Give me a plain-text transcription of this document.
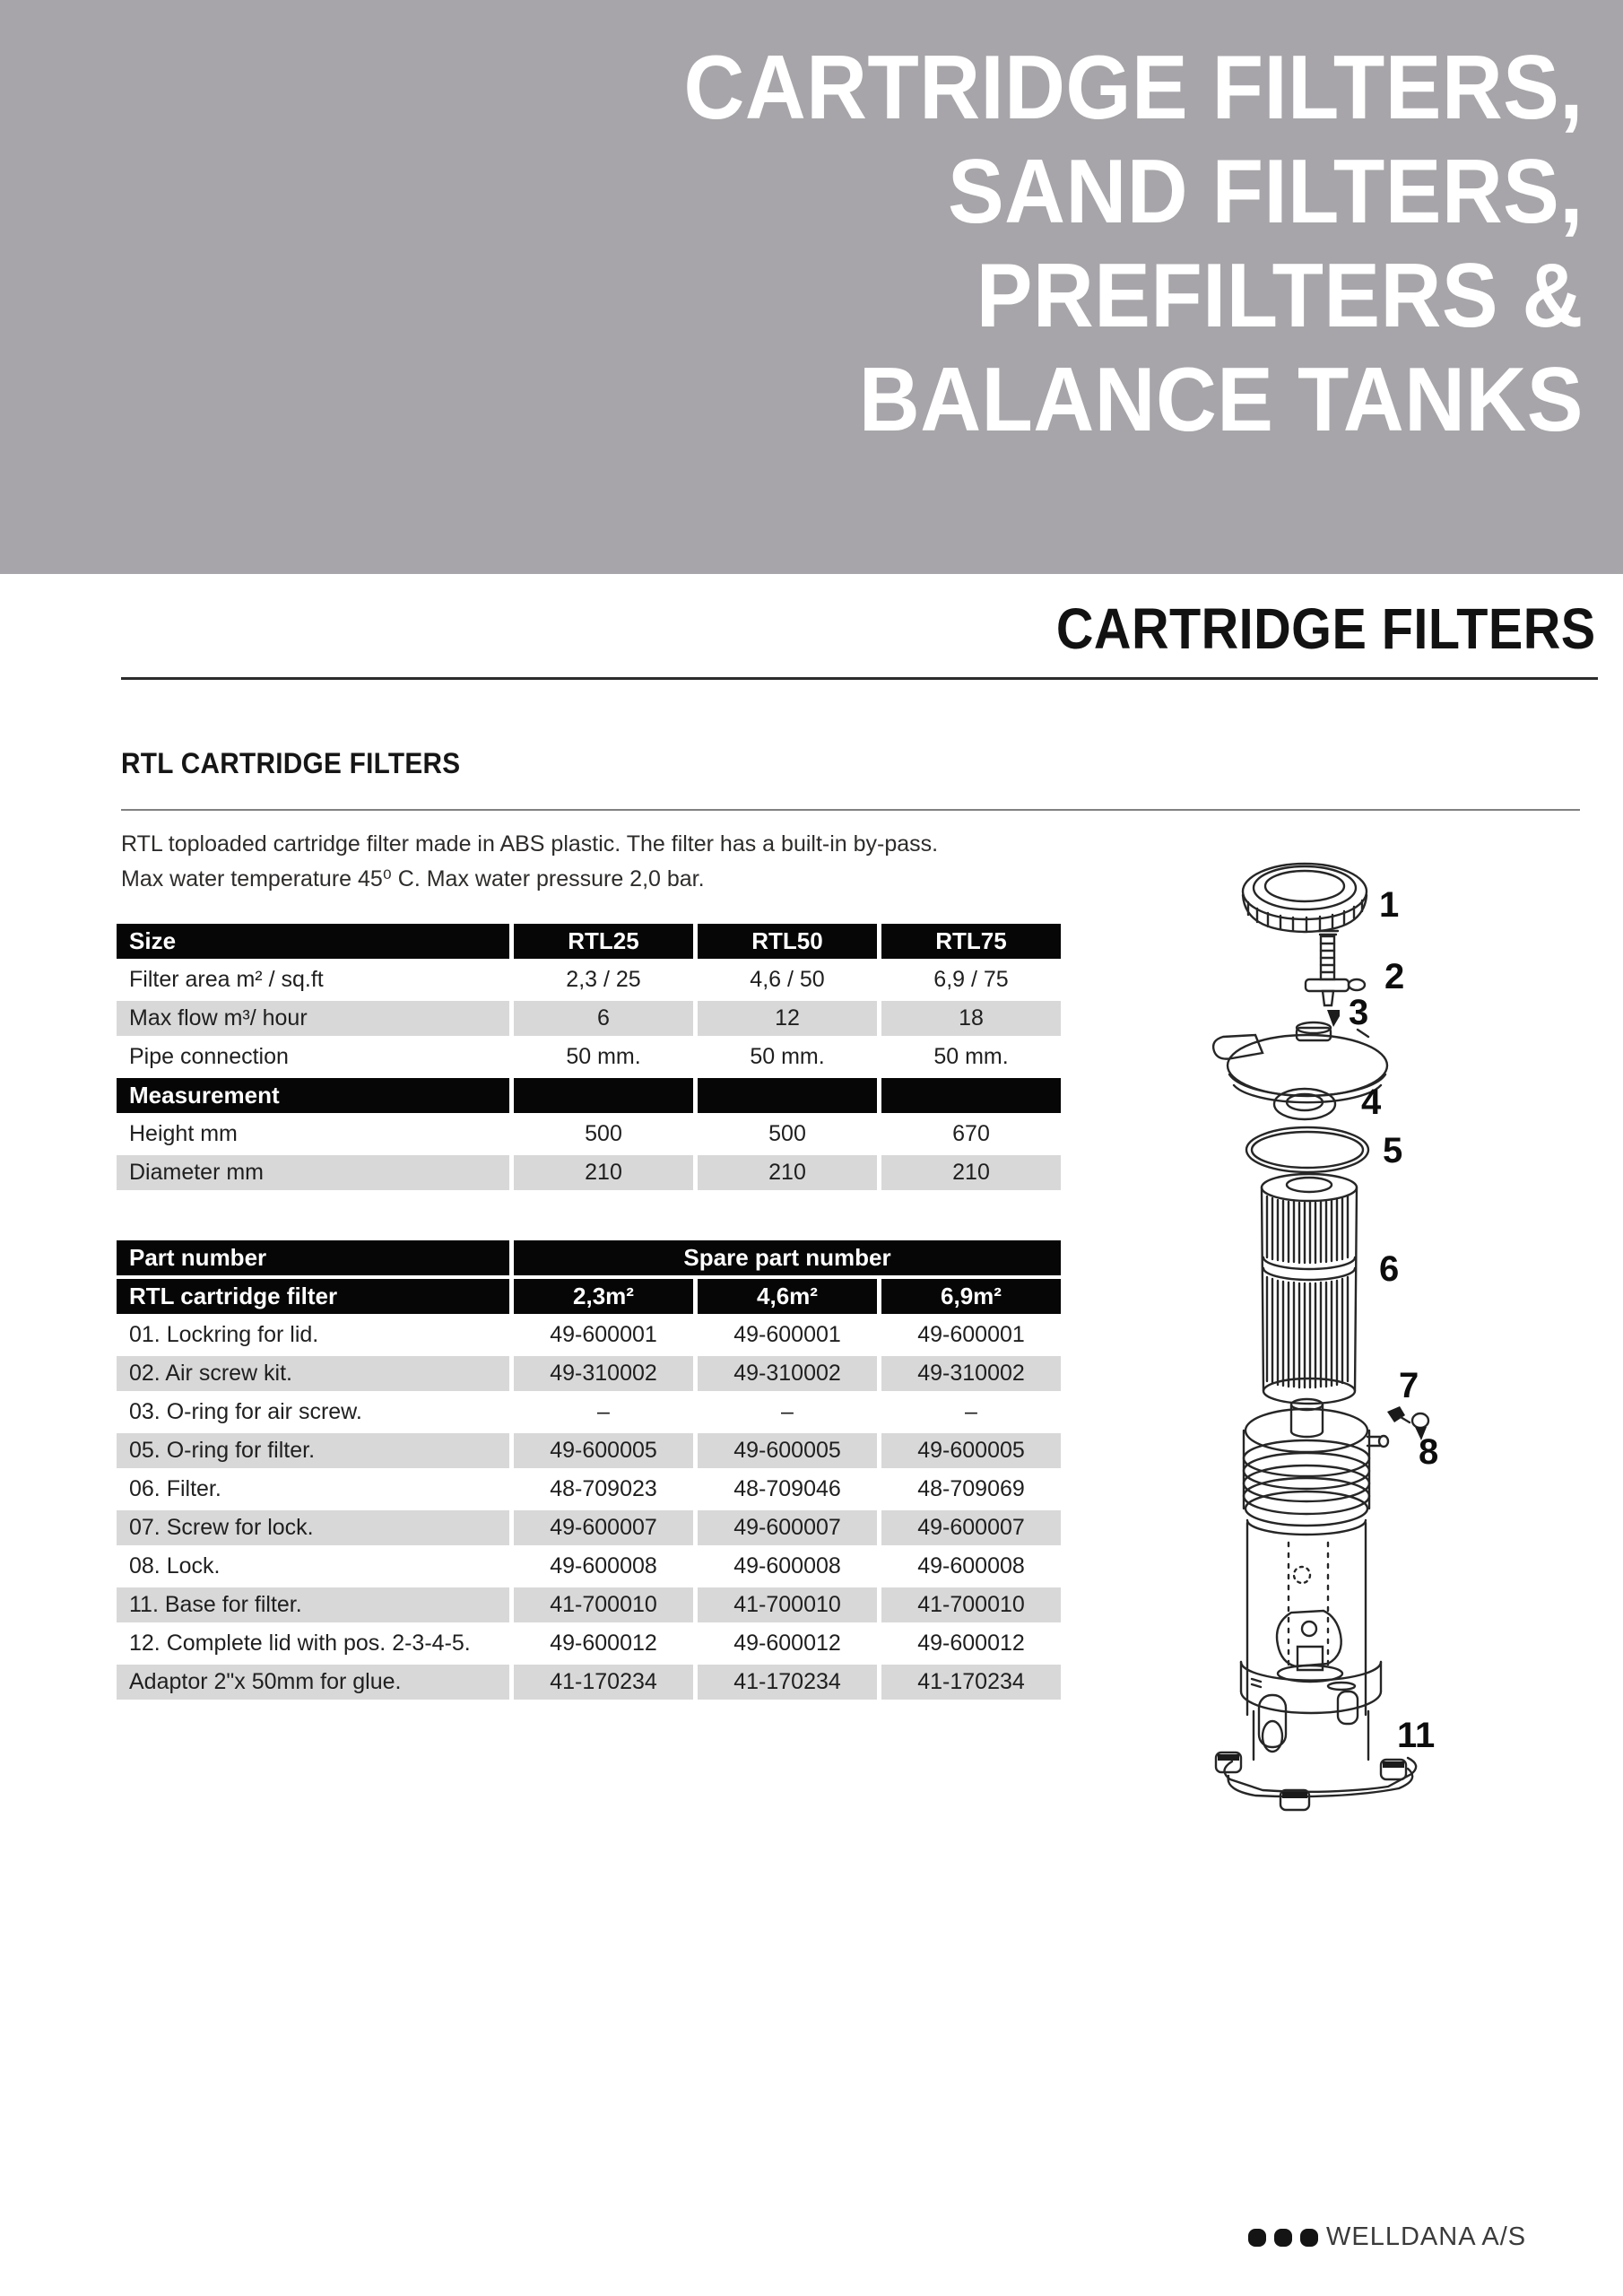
CARTRIDGE FILTERS,
SAND FILTERS,
PREFILTERS &
BALANCE TANKS
CARTRIDGE FILTERS
RTL CARTRIDGE FILTERS

RTL toploaded cartridge filter made in ABS plastic. The filter has a built-in by-pass.
Max water temperature 45⁰ C. Max water pressure 2,0 bar.

Size	RTL25	RTL50	RTL75
Filter area m² / sq.ft	2,3 / 25	4,6 / 50	6,9 / 75
Max flow m³/ hour	6	12	18
Pipe connection	50 mm.	50 mm.	50 mm.
Measurement
Height mm	500	500	670
Diameter mm	210	210	210
Part number	Spare part number
RTL cartridge filter	2,3m²	4,6m²	6,9m²
01. Lockring for lid.	49-600001	49-600001	49-600001
02. Air screw kit.	49-310002	49-310002	49-310002
03. O-ring for air screw.	–	–	–
05. O-ring for filter.	49-600005	49-600005	49-600005
06. Filter.	48-709023	48-709046	48-709069
07. Screw for lock.	49-600007	49-600007	49-600007
08. Lock.	49-600008	49-600008	49-600008
11. Base for filter.	41-700010	41-700010	41-700010
12. Complete lid with pos. 2-3-4-5.	49-600012	49-600012	49-600012
Adaptor 2"x 50mm for glue.	41-170234	41-170234	41-170234
1
2
3
4
5
6
7
8
11
WELLDANA A/S
